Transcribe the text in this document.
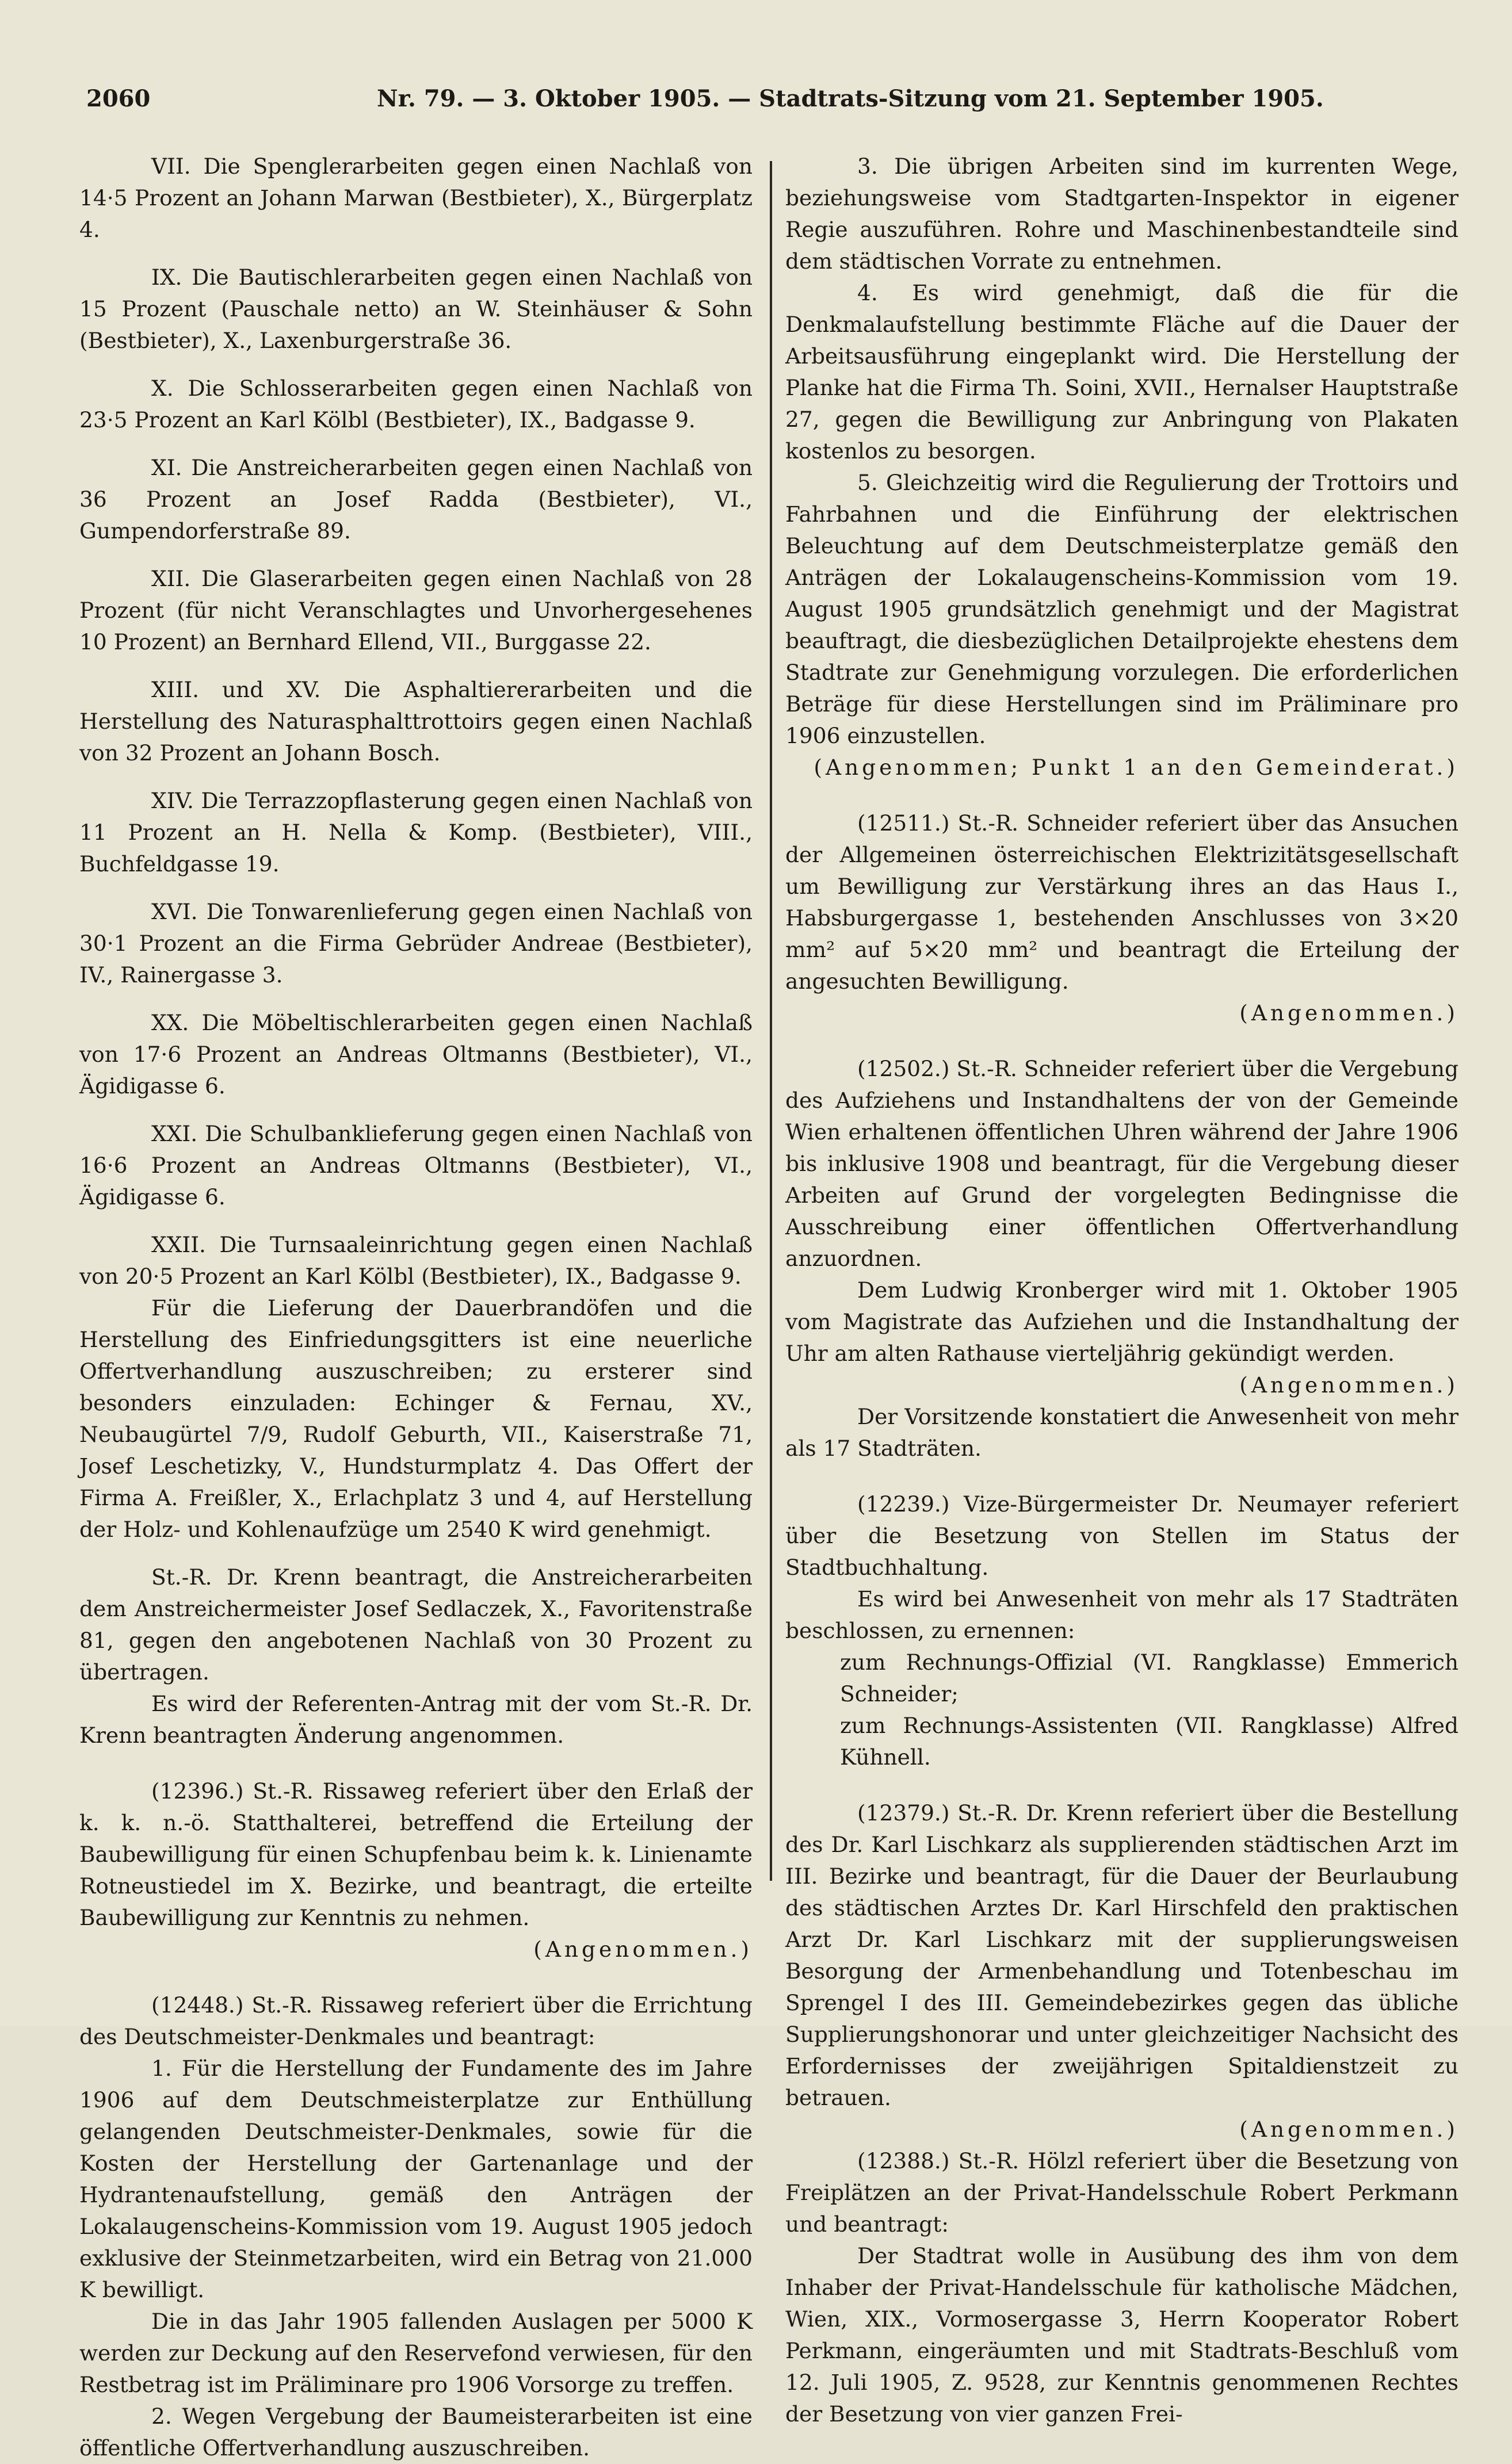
2060	Nr. 79. — 3. Oktober 1905. — Stadtrats-Sitzung vom 21. September 1905.

VII. Die Spenglerarbeiten gegen einen Nachlaß von 14·5 Prozent an Johann Marwan (Bestbieter), X., Bürgerplatz 4.

IX. Die Bautischlerarbeiten gegen einen Nachlaß von 15 Prozent (Pauschale netto) an W. Steinhäuser & Sohn (Bestbieter), X., Laxenburgerstraße 36.

X. Die Schlosserarbeiten gegen einen Nachlaß von 23·5 Prozent an Karl Kölbl (Bestbieter), IX., Badgasse 9.

XI. Die Anstreicherarbeiten gegen einen Nachlaß von 36 Prozent an Josef Radda (Bestbieter), VI., Gumpendorferstraße 89.

XII. Die Glaserarbeiten gegen einen Nachlaß von 28 Prozent (für nicht Veranschlagtes und Unvorhergesehenes 10 Prozent) an Bernhard Ellend, VII., Burggasse 22.

XIII. und XV. Die Asphaltiererarbeiten und die Herstellung des Naturasphalttrottoirs gegen einen Nachlaß von 32 Prozent an Johann Bosch.

XIV. Die Terrazzopflasterung gegen einen Nachlaß von 11 Prozent an H. Nella & Komp. (Bestbieter), VIII., Buchfeldgasse 19.

XVI. Die Tonwarenlieferung gegen einen Nachlaß von 30·1 Prozent an die Firma Gebrüder Andreae (Bestbieter), IV., Rainergasse 3.

XX. Die Möbeltischlerarbeiten gegen einen Nachlaß von 17·6 Prozent an Andreas Oltmanns (Bestbieter), VI., Ägidigasse 6.

XXI. Die Schulbanklieferung gegen einen Nachlaß von 16·6 Prozent an Andreas Oltmanns (Bestbieter), VI., Ägidigasse 6.

XXII. Die Turnsaaleinrichtung gegen einen Nachlaß von 20·5 Prozent an Karl Kölbl (Bestbieter), IX., Badgasse 9.

Für die Lieferung der Dauerbrandöfen und die Herstellung des Einfriedungsgitters ist eine neuerliche Offertverhandlung auszuschreiben; zu ersterer sind besonders einzuladen: Echinger & Fernau, XV., Neubaugürtel 7/9, Rudolf Geburth, VII., Kaiserstraße 71, Josef Leschetizky, V., Hundsturmplatz 4. Das Offert der Firma A. Freißler, X., Erlachplatz 3 und 4, auf Herstellung der Holz- und Kohlenaufzüge um 2540 K wird genehmigt.

St.-R. Dr. Krenn beantragt, die Anstreicherarbeiten dem Anstreichermeister Josef Sedlaczek, X., Favoritenstraße 81, gegen den angebotenen Nachlaß von 30 Prozent zu übertragen.

Es wird der Referenten-Antrag mit der vom St.-R. Dr. Krenn beantragten Änderung angenommen.

(12396.) St.-R. Rissaweg referiert über den Erlaß der k. k. n.-ö. Statthalterei, betreffend die Erteilung der Baubewilligung für einen Schupfenbau beim k. k. Linienamte Rotneustiedel im X. Bezirke, und beantragt, die erteilte Baubewilligung zur Kenntnis zu nehmen.

(Angenommen.)

(12448.) St.-R. Rissaweg referiert über die Errichtung des Deutschmeister-Denkmales und beantragt:

1. Für die Herstellung der Fundamente des im Jahre 1906 auf dem Deutschmeisterplatze zur Enthüllung gelangenden Deutschmeister-Denkmales, sowie für die Kosten der Herstellung der Gartenanlage und der Hydrantenaufstellung, gemäß den Anträgen der Lokalaugenscheins-Kommission vom 19. August 1905 jedoch exklusive der Steinmetzarbeiten, wird ein Betrag von 21.000 K bewilligt.

Die in das Jahr 1905 fallenden Auslagen per 5000 K werden zur Deckung auf den Reservefond verwiesen, für den Restbetrag ist im Präliminare pro 1906 Vorsorge zu treffen.

2. Wegen Vergebung der Baumeisterarbeiten ist eine öffentliche Offertverhandlung auszuschreiben.

3. Die übrigen Arbeiten sind im kurrenten Wege, beziehungsweise vom Stadtgarten-Inspektor in eigener Regie auszuführen. Rohre und Maschinenbestandteile sind dem städtischen Vorrate zu entnehmen.

4. Es wird genehmigt, daß die für die Denkmalaufstellung bestimmte Fläche auf die Dauer der Arbeitsausführung eingeplankt wird. Die Herstellung der Planke hat die Firma Th. Soini, XVII., Hernalser Hauptstraße 27, gegen die Bewilligung zur Anbringung von Plakaten kostenlos zu besorgen.

5. Gleichzeitig wird die Regulierung der Trottoirs und Fahrbahnen und die Einführung der elektrischen Beleuchtung auf dem Deutschmeisterplatze gemäß den Anträgen der Lokalaugenscheins-Kommission vom 19. August 1905 grundsätzlich genehmigt und der Magistrat beauftragt, die diesbezüglichen Detailprojekte ehestens dem Stadtrate zur Genehmigung vorzulegen. Die erforderlichen Beträge für diese Herstellungen sind im Präliminare pro 1906 einzustellen.

(Angenommen; Punkt 1 an den Gemeinderat.)

(12511.) St.-R. Schneider referiert über das Ansuchen der Allgemeinen österreichischen Elektrizitätsgesellschaft um Bewilligung zur Verstärkung ihres an das Haus I., Habsburgergasse 1, bestehenden Anschlusses von 3×20 mm² auf 5×20 mm² und beantragt die Erteilung der angesuchten Bewilligung.

(Angenommen.)

(12502.) St.-R. Schneider referiert über die Vergebung des Aufziehens und Instandhaltens der von der Gemeinde Wien erhaltenen öffentlichen Uhren während der Jahre 1906 bis inklusive 1908 und beantragt, für die Vergebung dieser Arbeiten auf Grund der vorgelegten Bedingnisse die Ausschreibung einer öffentlichen Offertverhandlung anzuordnen.

Dem Ludwig Kronberger wird mit 1. Oktober 1905 vom Magistrate das Aufziehen und die Instandhaltung der Uhr am alten Rathause vierteljährig gekündigt werden.

(Angenommen.)

Der Vorsitzende konstatiert die Anwesenheit von mehr als 17 Stadträten.

(12239.) Vize-Bürgermeister Dr. Neumayer referiert über die Besetzung von Stellen im Status der Stadtbuchhaltung.

Es wird bei Anwesenheit von mehr als 17 Stadträten beschlossen, zu ernennen:

zum Rechnungs-Offizial (VI. Rangklasse) Emmerich Schneider;

zum Rechnungs-Assistenten (VII. Rangklasse) Alfred Kühnell.

(12379.) St.-R. Dr. Krenn referiert über die Bestellung des Dr. Karl Lischkarz als supplierenden städtischen Arzt im III. Bezirke und beantragt, für die Dauer der Beurlaubung des städtischen Arztes Dr. Karl Hirschfeld den praktischen Arzt Dr. Karl Lischkarz mit der supplierungsweisen Besorgung der Armenbehandlung und Totenbeschau im Sprengel I des III. Gemeindebezirkes gegen das übliche Supplierungshonorar und unter gleichzeitiger Nachsicht des Erfordernisses der zweijährigen Spitaldienstzeit zu betrauen.

(Angenommen.)

(12388.) St.-R. Hölzl referiert über die Besetzung von Freiplätzen an der Privat-Handelsschule Robert Perkmann und beantragt:

Der Stadtrat wolle in Ausübung des ihm von dem Inhaber der Privat-Handelsschule für katholische Mädchen, Wien, XIX., Vormosergasse 3, Herrn Kooperator Robert Perkmann, eingeräumten und mit Stadtrats-Beschluß vom 12. Juli 1905, Z. 9528, zur Kenntnis genommenen Rechtes der Besetzung von vier ganzen Frei-
